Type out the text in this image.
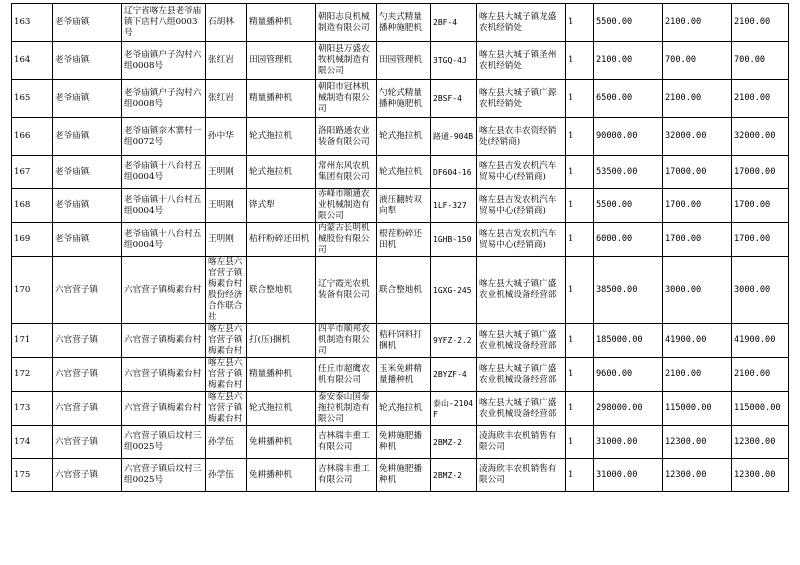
163	老爷庙镇	辽宁省喀左县老爷庙镇下店村八组0003号	石胡林	精量播种机	朝阳志良机械制造有限公司	勺夹式精量播种施肥机	2BF-4	喀左县大城子镇龙盛农机经销处	1	5500.00	2100.00	2100.00
164	老爷庙镇	老爷庙镇户子沟村六组0008号	张红岩	田园管理机	朝阳县万盛农牧机械制造有限公司	田园管理机	3TGQ-4J	喀左县大城子镇圣州农机经销处	1	2100.00	700.00	700.00
165	老爷庙镇	老爷庙镇户子沟村六组0008号	张红岩	精量播种机	朝阳市冠林机械制造有限公司	勺轮式精量播种施肥机	2BSF-4	喀左县大城子镇广源农机经销处	1	6500.00	2100.00	2100.00
166	老爷庙镇	老爷庙镇奈木寨村一组0072号	孙中华	轮式拖拉机	洛阳路通农业装备有限公司	轮式拖拉机	路通-904B	喀左县农丰农资经销处(经销商)	1	90000.00	32000.00	32000.00
167	老爷庙镇	老爷庙镇十八台村五组0004号	王明刚	轮式拖拉机	常州东风农机集团有限公司	轮式拖拉机	DF604-16	喀左县吉发农机汽车贸易中心(经销商)	1	53500.00	17000.00	17000.00
168	老爷庙镇	老爷庙镇十八台村五组0004号	王明刚	铧式犁	赤峰市顺通农业机械制造有限公司	液压翻转双向犁	1LF-327	喀左县吉发农机汽车贸易中心(经销商)	1	5500.00	1700.00	1700.00
169	老爷庙镇	老爷庙镇十八台村五组0004号	王明刚	秸秆粉碎还田机	内蒙古长明机械股份有限公司	根茬粉碎还田机	1GHB-150	喀左县吉发农机汽车贸易中心(经销商)	1	6000.00	1700.00	1700.00
170	六官营子镇	六官营子镇梅素台村	喀左县六官营子镇梅素台村股份经济合作联合社	联合整地机	辽宁霞光农机装备有限公司	联合整地机	1GXG-245	喀左县大城子镇广盛农业机械设备经营部	1	38500.00	3000.00	3000.00
171	六官营子镇	六官营子镇梅素台村	喀左县六官营子镇梅素台村	打(压)捆机	四平市顺邦农机制造有限公司	秸秆饲料打捆机	9YFZ-2.2	喀左县大城子镇广盛农业机械设备经营部	1	185000.00	41900.00	41900.00
172	六官营子镇	六官营子镇梅素台村	喀左县六官营子镇梅素台村	精量播种机	任丘市超鹰农机有限公司	玉米免耕精量播种机	2BYZF-4	喀左县大城子镇广盛农业机械设备经营部	1	9600.00	2100.00	2100.00
173	六官营子镇	六官营子镇梅素台村	喀左县六官营子镇梅素台村	轮式拖拉机	泰安泰山国泰拖拉机制造有限公司	轮式拖拉机	泰山-2104F	喀左县大城子镇广盛农业机械设备经营部	1	298000.00	115000.00	115000.00
174	六官营子镇	六官营子镇后坟村三组0025号	孙学伍	免耕播种机	吉林瑞丰重工有限公司	免耕施肥播种机	2BMZ-2	凌海欣丰农机销售有限公司	1	31000.00	12300.00	12300.00
175	六官营子镇	六官营子镇后坟村三组0025号	孙学伍	免耕播种机	吉林瑞丰重工有限公司	免耕施肥播种机	2BMZ-2	凌海欣丰农机销售有限公司	1	31000.00	12300.00	12300.00
